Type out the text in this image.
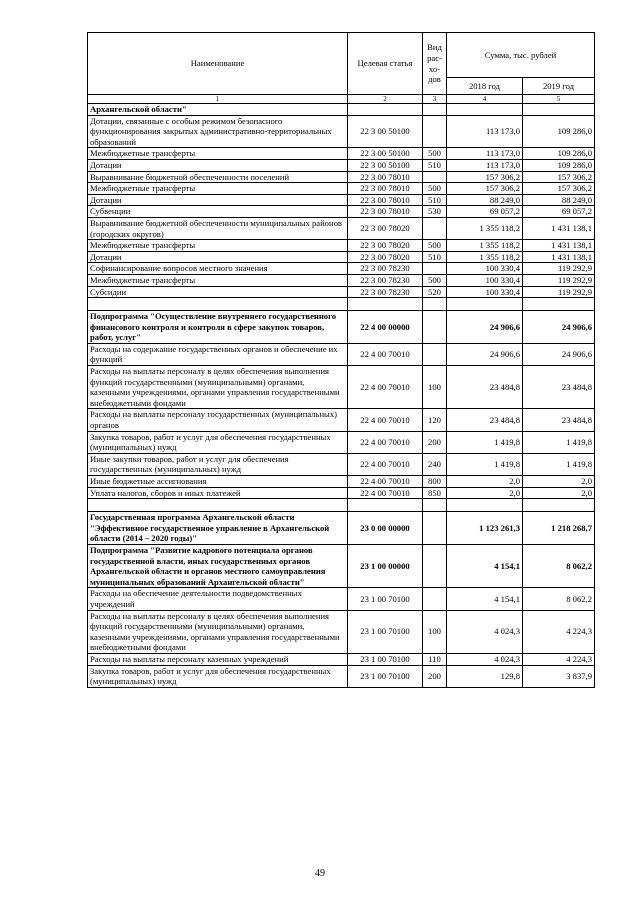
Наименование	Целевая статья	Вид рас-хо-дов	Сумма, тыс. рублей	
			2018 год	2019 год
1	2	3	4	5
Архангельской области"				
Дотации, связанные с особым режимом безопасного функционирования закрытых административно-территориальных образований	22 3 00 50100		113 173,0	109 286,0
Межбюджетные трансферты	22 3 00 50100	500	113 173,0	109 286,0
Дотации	22 3 00 50100	510	113 173,0	109 286,0
Выравнивание бюджетной обеспеченности поселений	22 3 00 78010		157 306,2	157 306,2
Межбюджетные трансферты	22 3 00 78010	500	157 306,2	157 306,2
Дотации	22 3 00 78010	510	88 249,0	88 249,0
Субвенции	22 3 00 78010	530	69 057,2	69 057,2
Выравнивание бюджетной обеспеченности муниципальных районов (городских округов)	22 3 00 78020		1 355 118,2	1 431 138,1
Межбюджетные трансферты	22 3 00 78020	500	1 355 118,2	1 431 138,1
Дотации	22 3 00 78020	510	1 355 118,2	1 431 138,1
Софинансирование вопросов местного значения	22 3 00 78230		100 330,4	119 292,9
Межбюджетные трансферты	22 3 00 78230	500	100 330,4	119 292,9
Субсидии	22 3 00 78230	520	100 330,4	119 292,9

Подпрограмма "Осуществление внутреннего государственного финансового контроля и контроля в сфере закупок товаров, работ, услуг"	22 4 00 00000		24 906,6	24 906,6
Расходы на содержание государственных органов и обеспечение их функций	22 4 00 70010		24 906,6	24 906,6
Расходы на выплаты персоналу в целях обеспечения выполнения функций государственными (муниципальными) органами, казенными учреждениями, органами управления государственными внебюджетными фондами	22 4 00 70010	100	23 484,8	23 484,8
Расходы на выплаты персоналу государственных (муниципальных) органов	22 4 00 70010	120	23 484,8	23 484,8
Закупка товаров, работ и услуг для обеспечения государственных (муниципальных) нужд	22 4 00 70010	200	1 419,8	1 419,8
Иные закупки товаров, работ и услуг для обеспечения государственных (муниципальных) нужд	22 4 00 70010	240	1 419,8	1 419,8
Иные бюджетные ассигнования	22 4 00 70010	800	2,0	2,0
Уплата налогов, сборов и иных платежей	22 4 00 70010	850	2,0	2,0

Государственная программа Архангельской области "Эффективное государственное управление в Архангельской области (2014 – 2020 годы)"	23 0 00 00000		1 123 261,3	1 218 268,7
Подпрограмма "Развитие кадрового потенциала органов государственной власти, иных государственных органов Архангельской области и органов местного самоуправления муниципальных образований Архангельской области"	23 1 00 00000		4 154,1	8 062,2
Расходы на обеспечение деятельности подведомственных учреждений	23 1 00 70100		4 154,1	8 062,2
Расходы на выплаты персоналу в целях обеспечения выполнения функций государственными (муниципальными) органами, казенными учреждениями, органами управления государственными внебюджетными фондами	23 1 00 70100	100	4 024,3	4 224,3
Расходы на выплаты персоналу казенных учреждений	23 1 00 70100	110	4 024,3	4 224,3
Закупка товаров, работ и услуг для обеспечения государственных (муниципальных) нужд	23 1 00 70100	200	129,8	3 837,9
49
